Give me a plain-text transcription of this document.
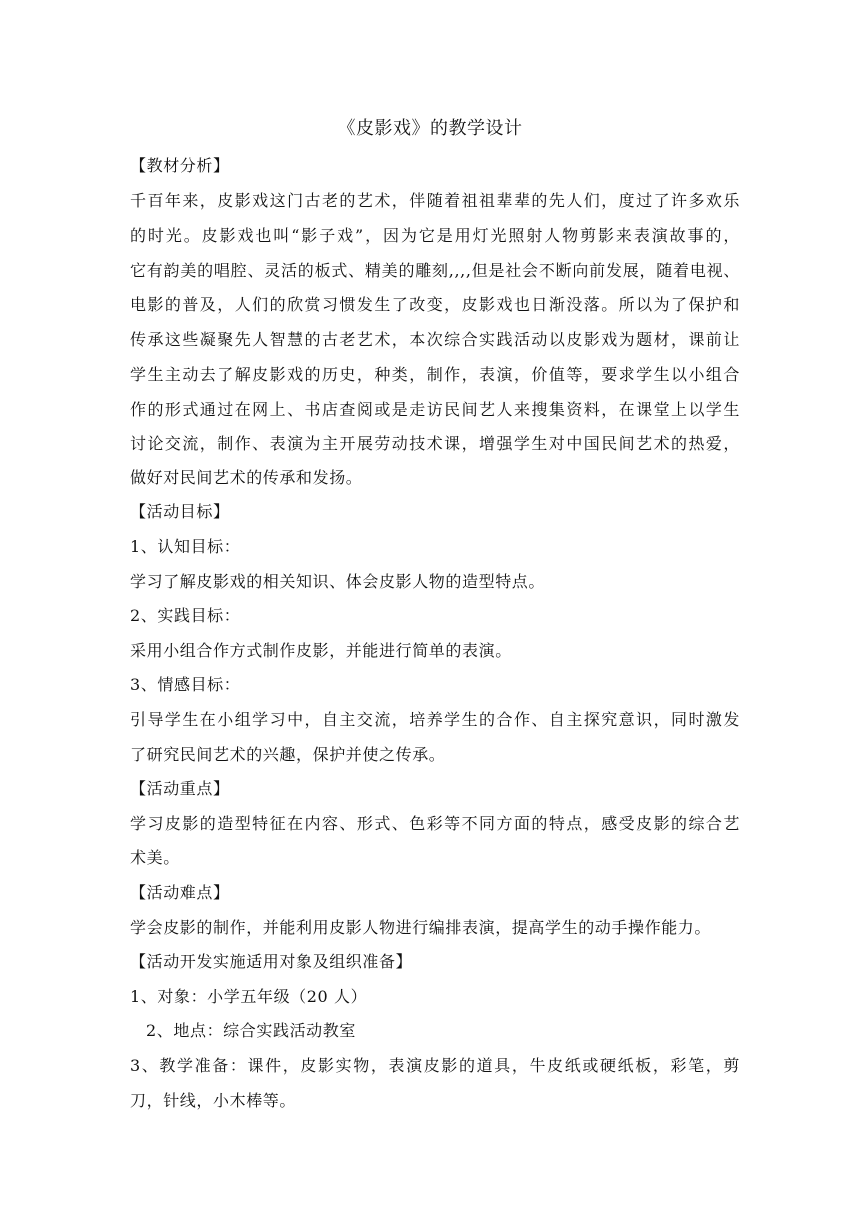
《皮影戏》的教学设计
【教材分析】
千百年来，皮影戏这门古老的艺术，伴随着祖祖辈辈的先人们，度过了许多欢乐
的时光。皮影戏也叫“影子戏”，因为它是用灯光照射人物剪影来表演故事的，
它有韵美的唱腔、灵活的板式、精美的雕刻,,,,但是社会不断向前发展，随着电视、
电影的普及，人们的欣赏习惯发生了改变，皮影戏也日渐没落。所以为了保护和
传承这些凝聚先人智慧的古老艺术，本次综合实践活动以皮影戏为题材，课前让
学生主动去了解皮影戏的历史，种类，制作，表演，价值等，要求学生以小组合
作的形式通过在网上、书店查阅或是走访民间艺人来搜集资料，在课堂上以学生
讨论交流，制作、表演为主开展劳动技术课，增强学生对中国民间艺术的热爱，
做好对民间艺术的传承和发扬。
【活动目标】
1、认知目标：
学习了解皮影戏的相关知识、体会皮影人物的造型特点。
2、实践目标：
采用小组合作方式制作皮影，并能进行简单的表演。
3、情感目标：
引导学生在小组学习中，自主交流，培养学生的合作、自主探究意识，同时激发
了研究民间艺术的兴趣，保护并使之传承。
【活动重点】
学习皮影的造型特征在内容、形式、色彩等不同方面的特点，感受皮影的综合艺
术美。
【活动难点】
学会皮影的制作，并能利用皮影人物进行编排表演，提高学生的动手操作能力。
【活动开发实施适用对象及组织准备】
1、对象：小学五年级（20 人）
2、地点：综合实践活动教室
3、教学准备：课件，皮影实物，表演皮影的道具，牛皮纸或硬纸板，彩笔，剪
刀，针线，小木棒等。
